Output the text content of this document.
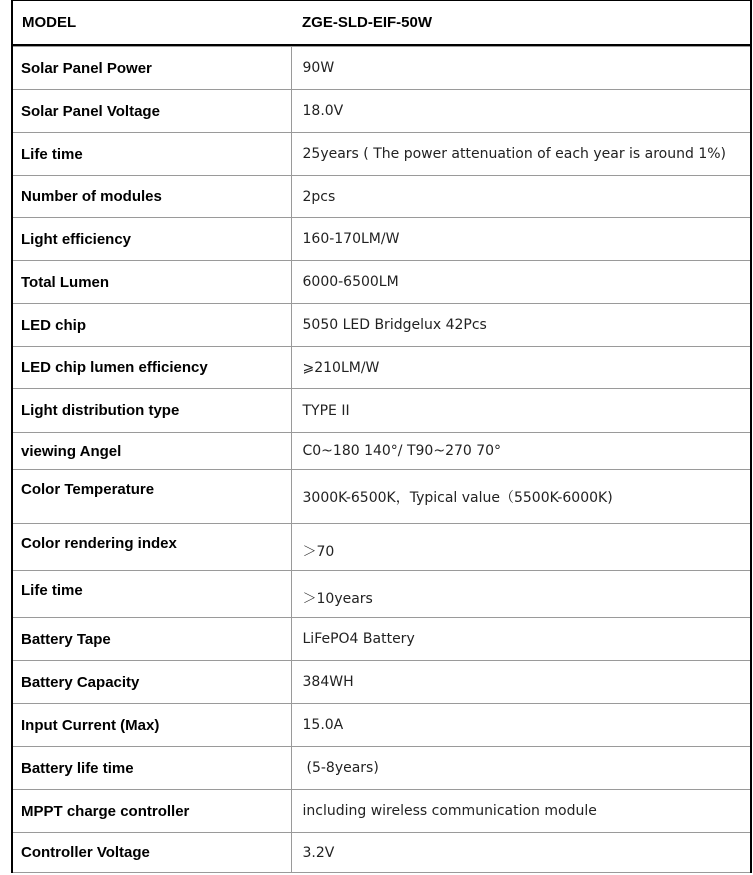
MODEL	ZGE-SLD-EIF-50W
Solar Panel Power	90W
Solar Panel Voltage	18.0V
Life time	25years ( The power attenuation of each year is around 1%)
Number of modules	2pcs
Light efficiency	160-170LM/W
Total Lumen	6000-6500LM
LED chip	5050 LED Bridgelux 42Pcs
LED chip lumen efficiency	⩾210LM/W
Light distribution type	TYPE II
viewing Angel	C0~180 140°/ T90~270 70°
Color Temperature	3000K-6500K，Typical value（5500K-6000K)
Color rendering index	＞70
Life time	＞10years
Battery Tape	LiFePO4 Battery
Battery Capacity	384WH
Input Current (Max)	15.0A
Battery life time	(5-8years)
MPPT charge controller	including wireless communication module
Controller Voltage	3.2V
